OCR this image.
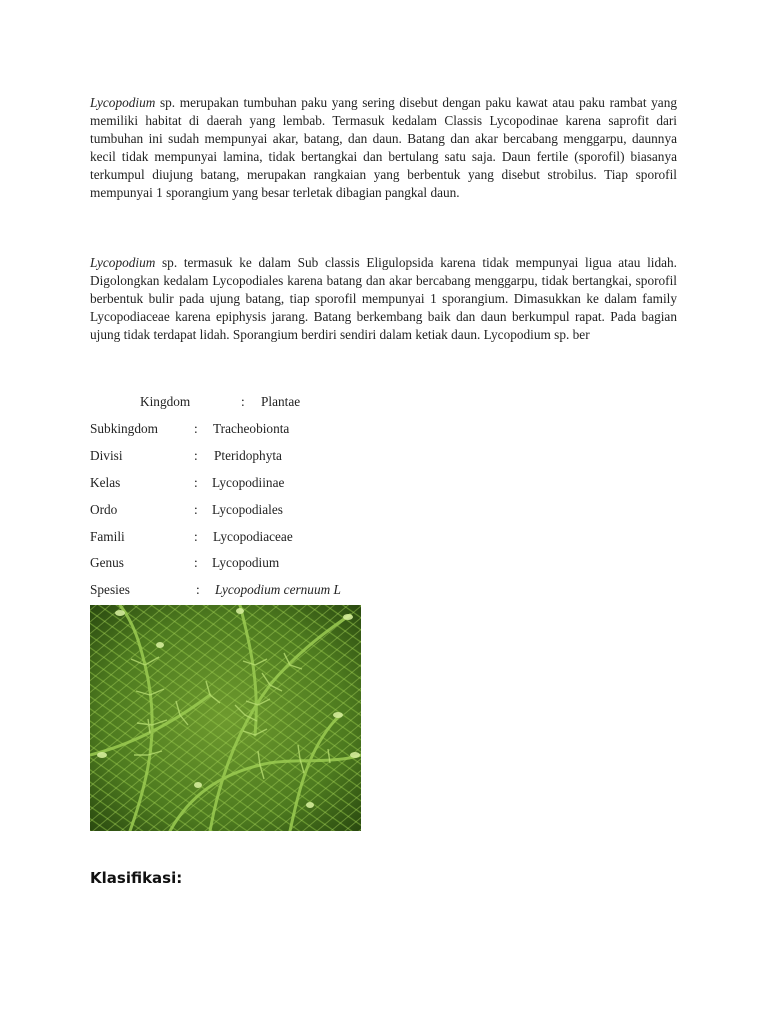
Lycopodium sp. merupakan tumbuhan paku yang sering disebut dengan paku kawat atau paku rambat yang memiliki habitat di daerah yang lembab. Termasuk kedalam Classis Lycopodinae karena saprofit dari tumbuhan ini sudah mempunyai akar, batang, dan daun. Batang dan akar bercabang menggarpu, daunnya kecil tidak mempunyai lamina, tidak bertangkai dan bertulang satu saja. Daun fertile (sporofil) biasanya terkumpul diujung batang, merupakan rangkaian yang berbentuk yang disebut strobilus. Tiap sporofil mempunyai 1 sporangium yang besar terletak dibagian pangkal daun.

Lycopodium sp. termasuk ke dalam Sub classis Eligulopsida karena tidak mempunyai ligua atau lidah. Digolongkan kedalam Lycopodiales karena batang dan akar bercabang menggarpu, tidak bertangkai, sporofil berbentuk bulir pada ujung batang, tiap sporofil mempunyai 1 sporangium. Dimasukkan ke dalam family Lycopodiaceae karena epiphysis jarang. Batang berkembang baik dan daun berkumpul rapat. Pada bagian ujung tidak terdapat lidah. Sporangium berdiri sendiri dalam ketiak daun. Lycopodium sp. ber

Kingdom	: Plantae
Subkingdom	: Tracheobionta
Divisi	: Pteridophyta
Kelas	: Lycopodiinae
Ordo	: Lycopodiales
Famili	: Lycopodiaceae
Genus	: Lycopodium
Spesies	: Lycopodium cernuum L
Klasifikasi:
